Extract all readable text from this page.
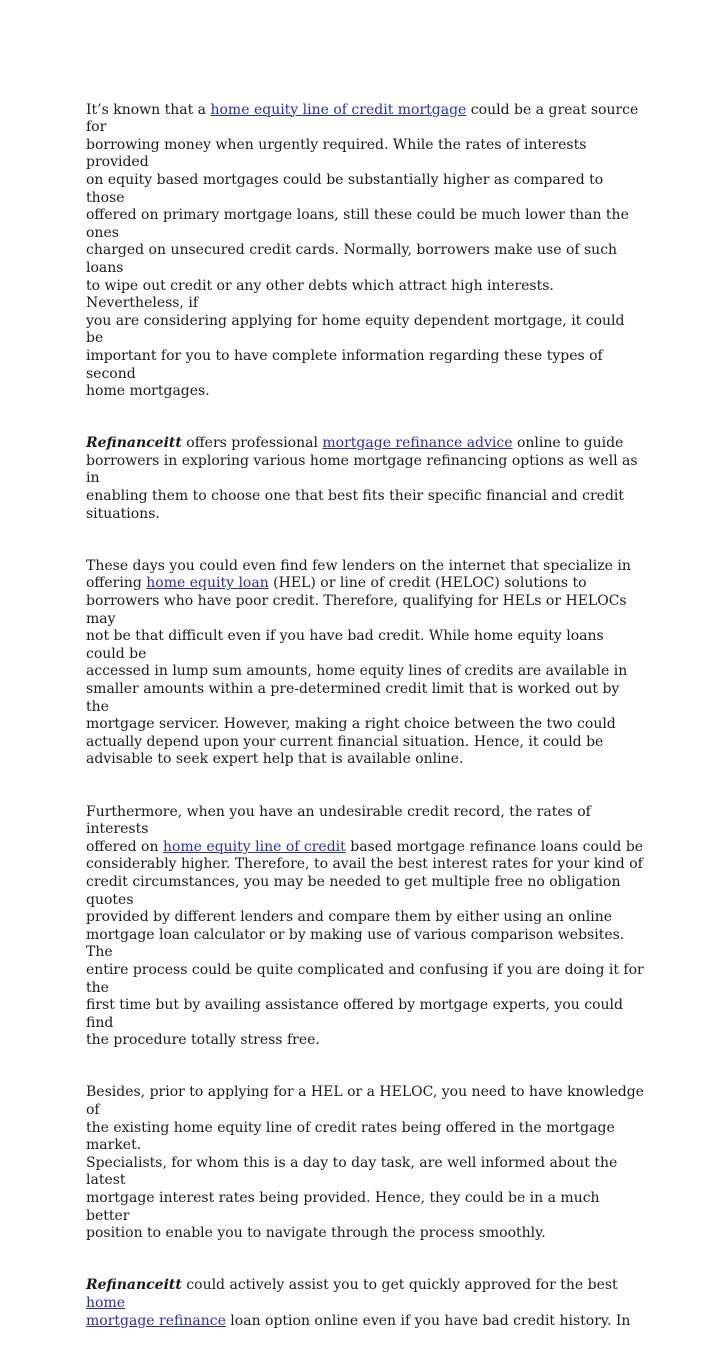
It’s known that a home equity line of credit mortgage could be a great source for
borrowing money when urgently required. While the rates of interests provided
on equity based mortgages could be substantially higher as compared to those
offered on primary mortgage loans, still these could be much lower than the ones
charged on unsecured credit cards. Normally, borrowers make use of such loans
to wipe out credit or any other debts which attract high interests. Nevertheless, if
you are considering applying for home equity dependent mortgage, it could be
important for you to have complete information regarding these types of second
home mortgages.

Refinanceitt offers professional mortgage refinance advice online to guide
borrowers in exploring various home mortgage refinancing options as well as in
enabling them to choose one that best fits their specific financial and credit
situations.

These days you could even find few lenders on the internet that specialize in
offering home equity loan (HEL) or line of credit (HELOC) solutions to
borrowers who have poor credit. Therefore, qualifying for HELs or HELOCs may
not be that difficult even if you have bad credit. While home equity loans could be
accessed in lump sum amounts, home equity lines of credits are available in
smaller amounts within a pre-determined credit limit that is worked out by the
mortgage servicer. However, making a right choice between the two could
actually depend upon your current financial situation. Hence, it could be
advisable to seek expert help that is available online.

Furthermore, when you have an undesirable credit record, the rates of interests
offered on home equity line of credit based mortgage refinance loans could be
considerably higher. Therefore, to avail the best interest rates for your kind of
credit circumstances, you may be needed to get multiple free no obligation quotes
provided by different lenders and compare them by either using an online
mortgage loan calculator or by making use of various comparison websites. The
entire process could be quite complicated and confusing if you are doing it for the
first time but by availing assistance offered by mortgage experts, you could find
the procedure totally stress free.

Besides, prior to applying for a HEL or a HELOC, you need to have knowledge of
the existing home equity line of credit rates being offered in the mortgage market.
Specialists, for whom this is a day to day task, are well informed about the latest
mortgage interest rates being provided. Hence, they could be in a much better
position to enable you to navigate through the process smoothly.

Refinanceitt could actively assist you to get quickly approved for the best home
mortgage refinance loan option online even if you have bad credit history. In
